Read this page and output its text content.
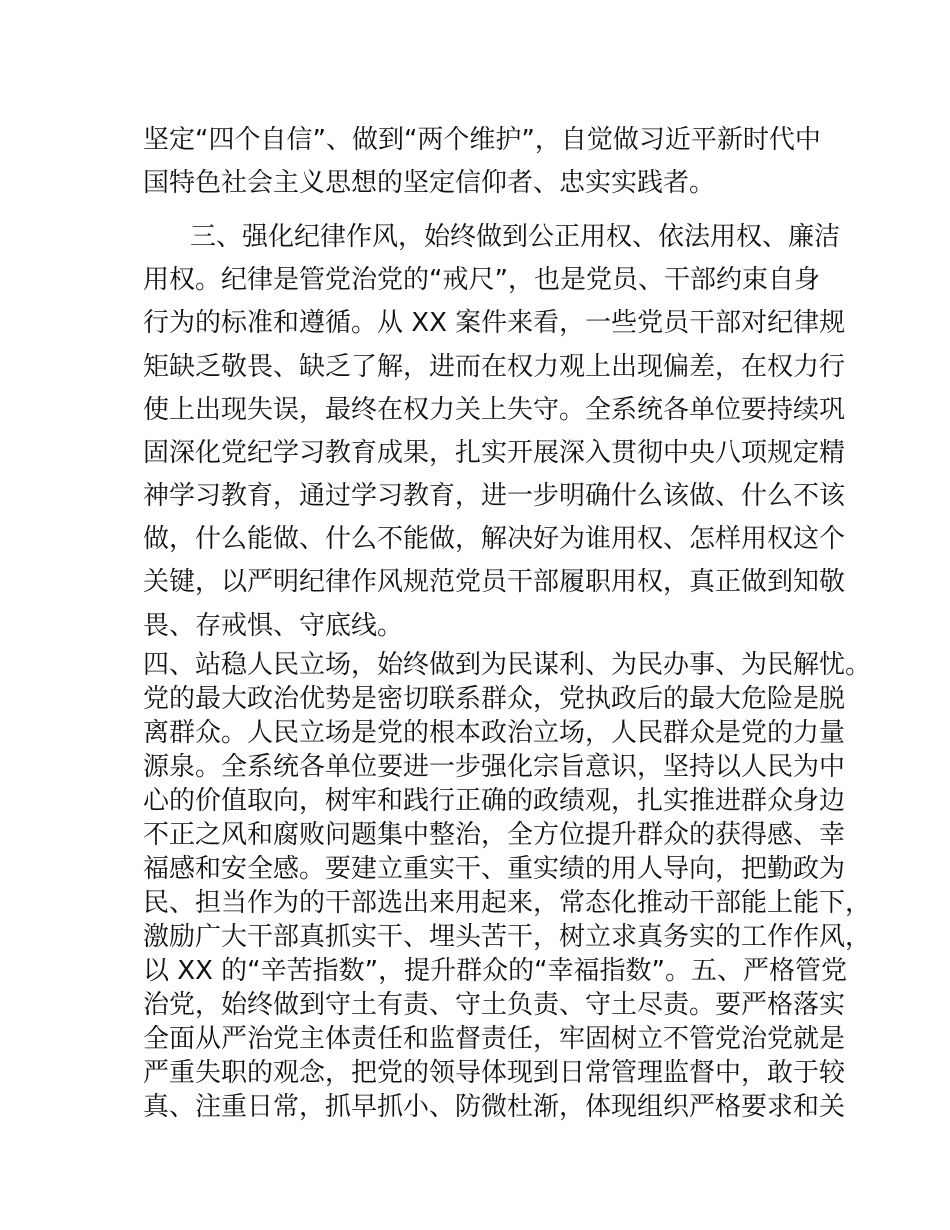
坚定“四个自信”、做到“两个维护”，自觉做习近平新时代中
国特色社会主义思想的坚定信仰者、忠实实践者。
三、强化纪律作风，始终做到公正用权、依法用权、廉洁
用权。纪律是管党治党的“戒尺”，也是党员、干部约束自身
行为的标准和遵循。从 XX 案件来看，一些党员干部对纪律规
矩缺乏敬畏、缺乏了解，进而在权力观上出现偏差，在权力行
使上出现失误，最终在权力关上失守。全系统各单位要持续巩
固深化党纪学习教育成果，扎实开展深入贯彻中央八项规定精
神学习教育，通过学习教育，进一步明确什么该做、什么不该
做，什么能做、什么不能做，解决好为谁用权、怎样用权这个
关键，以严明纪律作风规范党员干部履职用权，真正做到知敬
畏、存戒惧、守底线。
四、站稳人民立场，始终做到为民谋利、为民办事、为民解忧。
党的最大政治优势是密切联系群众，党执政后的最大危险是脱
离群众。人民立场是党的根本政治立场，人民群众是党的力量
源泉。全系统各单位要进一步强化宗旨意识，坚持以人民为中
心的价值取向，树牢和践行正确的政绩观，扎实推进群众身边
不正之风和腐败问题集中整治，全方位提升群众的获得感、幸
福感和安全感。要建立重实干、重实绩的用人导向，把勤政为
民、担当作为的干部选出来用起来，常态化推动干部能上能下，
激励广大干部真抓实干、埋头苦干，树立求真务实的工作作风，
以 XX 的“辛苦指数”，提升群众的“幸福指数”。五、严格管党
治党，始终做到守土有责、守土负责、守土尽责。要严格落实
全面从严治党主体责任和监督责任，牢固树立不管党治党就是
严重失职的观念，把党的领导体现到日常管理监督中，敢于较
真、注重日常，抓早抓小、防微杜渐，体现组织严格要求和关
